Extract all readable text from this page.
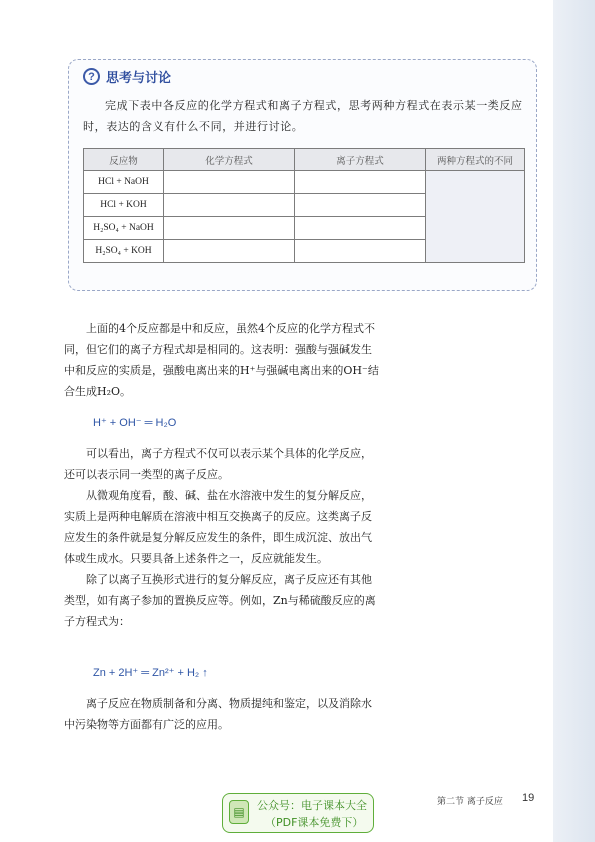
? 思考与讨论
完成下表中各反应的化学方程式和离子方程式，思考两种方程式在表示某一类反应时，表达的含义有什么不同，并进行讨论。
反应物	化学方程式	离子方程式	两种方程式的不同
HCl + NaOH			
HCl + KOH			
H₂SO₄ + NaOH			
H₂SO₄ + KOH			

上面的4个反应都是中和反应，虽然4个反应的化学方程式不同，但它们的离子方程式却是相同的。这表明：强酸与强碱发生中和反应的实质是，强酸电离出来的H⁺与强碱电离出来的OH⁻结合生成H₂O。

H⁺ + OH⁻ ═ H₂O

可以看出，离子方程式不仅可以表示某个具体的化学反应，还可以表示同一类型的离子反应。

从微观角度看，酸、碱、盐在水溶液中发生的复分解反应，实质上是两种电解质在溶液中相互交换离子的反应。这类离子反应发生的条件就是复分解反应发生的条件，即生成沉淀、放出气体或生成水。只要具备上述条件之一，反应就能发生。

除了以离子互换形式进行的复分解反应，离子反应还有其他类型，如有离子参加的置换反应等。例如，Zn与稀硫酸反应的离子方程式为：

Zn + 2H⁺ ═ Zn²⁺ + H₂ ↑

离子反应在物质制备和分离、物质提纯和鉴定，以及消除水中污染物等方面都有广泛的应用。

▤	公众号：电子课本大全
（PDF课本免费下）
第二节 离子反应 19
